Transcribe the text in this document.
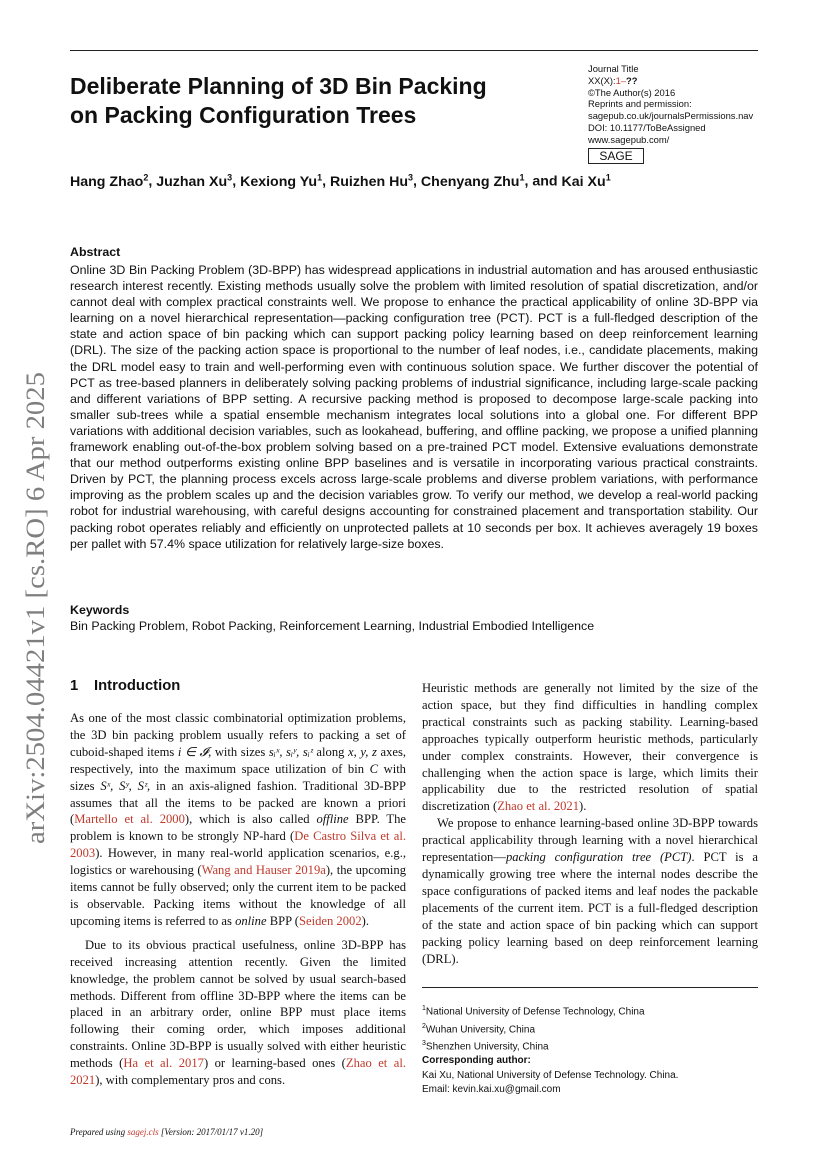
Journal Title
XX(X):1–??
©The Author(s) 2016
Reprints and permission:
sagepub.co.uk/journalsPermissions.nav
DOI: 10.1177/ToBeAssigned
www.sagepub.com/
SAGE
Deliberate Planning of 3D Bin Packing
on Packing Configuration Trees
Hang Zhao$^2$, Juzhan Xu$^3$, Kexiong Yu$^1$, Ruizhen Hu$^3$, Chenyang Zhu$^1$, and Kai Xu$^1$
arXiv:2504.04421v1 [cs.RO] 6 Apr 2025
Abstract
Online 3D Bin Packing Problem (3D-BPP) has widespread applications in industrial automation and has aroused enthusiastic research interest recently. Existing methods usually solve the problem with limited resolution of spatial discretization, and/or cannot deal with complex practical constraints well. We propose to enhance the practical applicability of online 3D-BPP via learning on a novel hierarchical representation—packing configuration tree (PCT). PCT is a full-fledged description of the state and action space of bin packing which can support packing policy learning based on deep reinforcement learning (DRL). The size of the packing action space is proportional to the number of leaf nodes, i.e., candidate placements, making the DRL model easy to train and well-performing even with continuous solution space. We further discover the potential of PCT as tree-based planners in deliberately solving packing problems of industrial significance, including large-scale packing and different variations of BPP setting. A recursive packing method is proposed to decompose large-scale packing into smaller sub-trees while a spatial ensemble mechanism integrates local solutions into a global one. For different BPP variations with additional decision variables, such as lookahead, buffering, and offline packing, we propose a unified planning framework enabling out-of-the-box problem solving based on a pre-trained PCT model. Extensive evaluations demonstrate that our method outperforms existing online BPP baselines and is versatile in incorporating various practical constraints. Driven by PCT, the planning process excels across large-scale problems and diverse problem variations, with performance improving as the problem scales up and the decision variables grow. To verify our method, we develop a real-world packing robot for industrial warehousing, with careful designs accounting for constrained placement and transportation stability. Our packing robot operates reliably and efficiently on unprotected pallets at 10 seconds per box. It achieves averagely 19 boxes per pallet with 57.4% space utilization for relatively large-size boxes.
Keywords
Bin Packing Problem, Robot Packing, Reinforcement Learning, Industrial Embodied Intelligence
1 Introduction

As one of the most classic combinatorial optimization problems, the 3D bin packing problem usually refers to packing a set of cuboid-shaped items i ∈ 𝓘, with sizes sᵢˣ, sᵢʸ, sᵢᶻ along x, y, z axes, respectively, into the maximum space utilization of bin C with sizes Sˣ, Sʸ, Sᶻ, in an axis-aligned fashion. Traditional 3D-BPP assumes that all the items to be packed are known a priori (Martello et al. 2000), which is also called offline BPP. The problem is known to be strongly NP-hard (De Castro Silva et al. 2003). However, in many real-world application scenarios, e.g., logistics or warehousing (Wang and Hauser 2019a), the upcoming items cannot be fully observed; only the current item to be packed is observable. Packing items without the knowledge of all upcoming items is referred to as online BPP (Seiden 2002).

Due to its obvious practical usefulness, online 3D-BPP has received increasing attention recently. Given the limited knowledge, the problem cannot be solved by usual search-based methods. Different from offline 3D-BPP where the items can be placed in an arbitrary order, online BPP must place items following their coming order, which imposes additional constraints. Online 3D-BPP is usually solved with either heuristic methods (Ha et al. 2017) or learning-based ones (Zhao et al. 2021), with complementary pros and cons.

Heuristic methods are generally not limited by the size of the action space, but they find difficulties in handling complex practical constraints such as packing stability. Learning-based approaches typically outperform heuristic methods, particularly under complex constraints. However, their convergence is challenging when the action space is large, which limits their applicability due to the restricted resolution of spatial discretization (Zhao et al. 2021).

We propose to enhance learning-based online 3D-BPP towards practical applicability through learning with a novel hierarchical representation—packing configuration tree (PCT). PCT is a dynamically growing tree where the internal nodes describe the space configurations of packed items and leaf nodes the packable placements of the current item. PCT is a full-fledged description of the state and action space of bin packing which can support packing policy learning based on deep reinforcement learning (DRL).

$^1$National University of Defense Technology, China
$^2$Wuhan University, China
$^3$Shenzhen University, China
Corresponding author:
Kai Xu, National University of Defense Technology. China.
Email: kevin.kai.xu@gmail.com
Prepared using sagej.cls [Version: 2017/01/17 v1.20]
